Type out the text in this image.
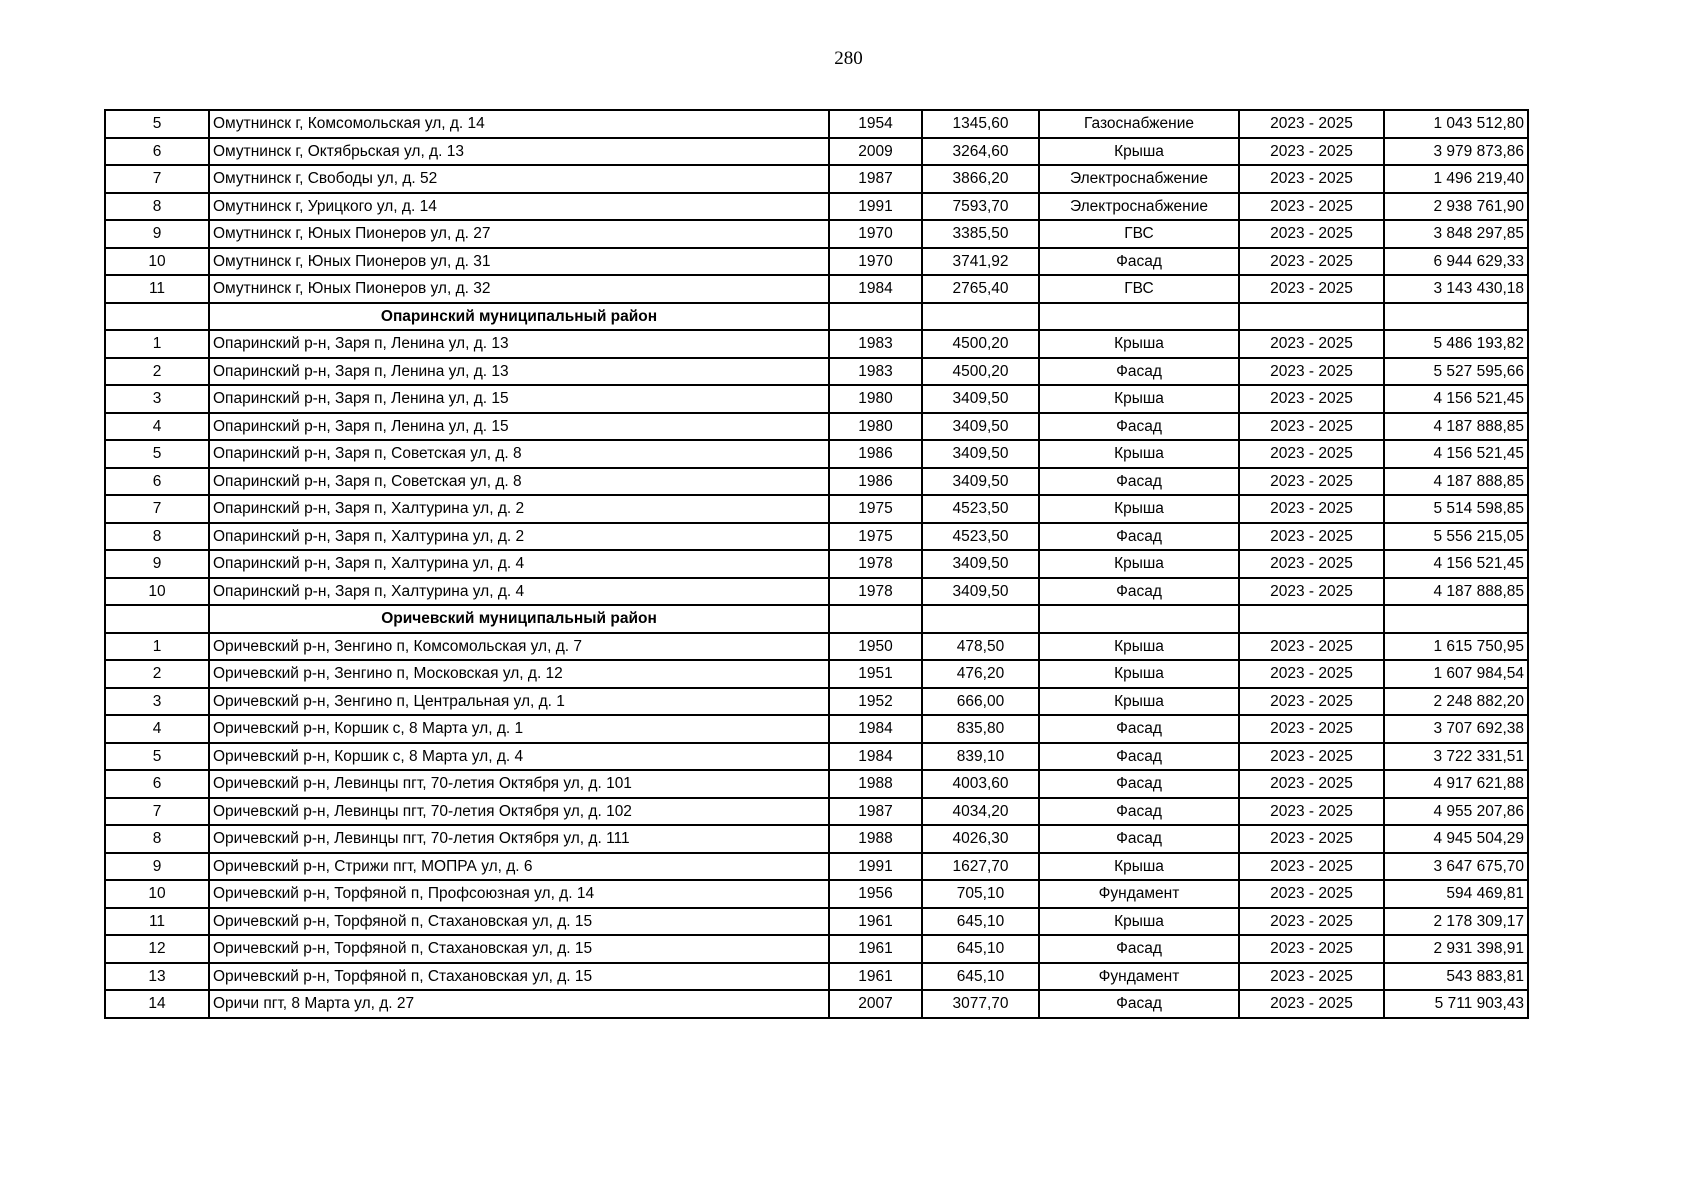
280
5	Омутнинск г, Комсомольская ул, д. 14	1954	1345,60	Газоснабжение	2023 - 2025	1 043 512,80
6	Омутнинск г, Октябрьская ул, д. 13	2009	3264,60	Крыша	2023 - 2025	3 979 873,86
7	Омутнинск г, Свободы ул, д. 52	1987	3866,20	Электроснабжение	2023 - 2025	1 496 219,40
8	Омутнинск г, Урицкого ул, д. 14	1991	7593,70	Электроснабжение	2023 - 2025	2 938 761,90
9	Омутнинск г, Юных Пионеров ул, д. 27	1970	3385,50	ГВС	2023 - 2025	3 848 297,85
10	Омутнинск г, Юных Пионеров ул, д. 31	1970	3741,92	Фасад	2023 - 2025	6 944 629,33
11	Омутнинск г, Юных Пионеров ул, д. 32	1984	2765,40	ГВС	2023 - 2025	3 143 430,18
	Опаринский муниципальный район					
1	Опаринский р-н, Заря п, Ленина ул, д. 13	1983	4500,20	Крыша	2023 - 2025	5 486 193,82
2	Опаринский р-н, Заря п, Ленина ул, д. 13	1983	4500,20	Фасад	2023 - 2025	5 527 595,66
3	Опаринский р-н, Заря п, Ленина ул, д. 15	1980	3409,50	Крыша	2023 - 2025	4 156 521,45
4	Опаринский р-н, Заря п, Ленина ул, д. 15	1980	3409,50	Фасад	2023 - 2025	4 187 888,85
5	Опаринский р-н, Заря п, Советская ул, д. 8	1986	3409,50	Крыша	2023 - 2025	4 156 521,45
6	Опаринский р-н, Заря п, Советская ул, д. 8	1986	3409,50	Фасад	2023 - 2025	4 187 888,85
7	Опаринский р-н, Заря п, Халтурина ул, д. 2	1975	4523,50	Крыша	2023 - 2025	5 514 598,85
8	Опаринский р-н, Заря п, Халтурина ул, д. 2	1975	4523,50	Фасад	2023 - 2025	5 556 215,05
9	Опаринский р-н, Заря п, Халтурина ул, д. 4	1978	3409,50	Крыша	2023 - 2025	4 156 521,45
10	Опаринский р-н, Заря п, Халтурина ул, д. 4	1978	3409,50	Фасад	2023 - 2025	4 187 888,85
	Оричевский муниципальный район					
1	Оричевский р-н, Зенгино п, Комсомольская ул, д. 7	1950	478,50	Крыша	2023 - 2025	1 615 750,95
2	Оричевский р-н, Зенгино п, Московская ул, д. 12	1951	476,20	Крыша	2023 - 2025	1 607 984,54
3	Оричевский р-н, Зенгино п, Центральная ул, д. 1	1952	666,00	Крыша	2023 - 2025	2 248 882,20
4	Оричевский р-н, Коршик с, 8 Марта ул, д. 1	1984	835,80	Фасад	2023 - 2025	3 707 692,38
5	Оричевский р-н, Коршик с, 8 Марта ул, д. 4	1984	839,10	Фасад	2023 - 2025	3 722 331,51
6	Оричевский р-н, Левинцы пгт, 70-летия Октября ул, д. 101	1988	4003,60	Фасад	2023 - 2025	4 917 621,88
7	Оричевский р-н, Левинцы пгт, 70-летия Октября ул, д. 102	1987	4034,20	Фасад	2023 - 2025	4 955 207,86
8	Оричевский р-н, Левинцы пгт, 70-летия Октября ул, д. 111	1988	4026,30	Фасад	2023 - 2025	4 945 504,29
9	Оричевский р-н, Стрижи пгт, МОПРА ул, д. 6	1991	1627,70	Крыша	2023 - 2025	3 647 675,70
10	Оричевский р-н, Торфяной п, Профсоюзная ул, д. 14	1956	705,10	Фундамент	2023 - 2025	594 469,81
11	Оричевский р-н, Торфяной п, Стахановская ул, д. 15	1961	645,10	Крыша	2023 - 2025	2 178 309,17
12	Оричевский р-н, Торфяной п, Стахановская ул, д. 15	1961	645,10	Фасад	2023 - 2025	2 931 398,91
13	Оричевский р-н, Торфяной п, Стахановская ул, д. 15	1961	645,10	Фундамент	2023 - 2025	543 883,81
14	Оричи пгт, 8 Марта ул, д. 27	2007	3077,70	Фасад	2023 - 2025	5 711 903,43
